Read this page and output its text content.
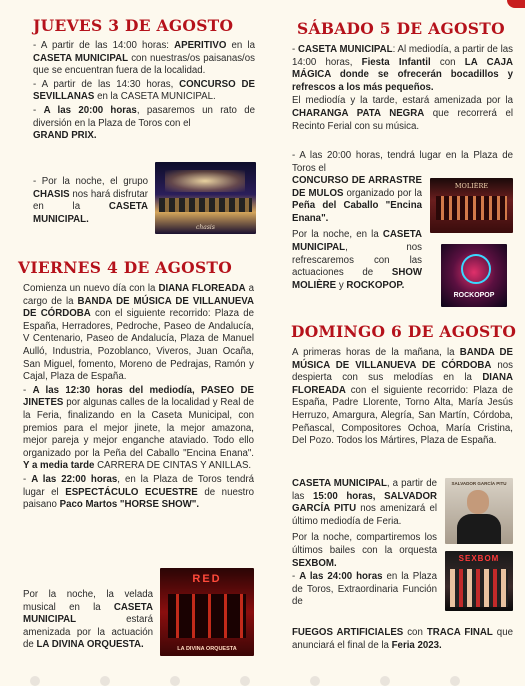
JUEVES 3 DE AGOSTO

- A partir de las 14:00 horas: APERITIVO en la CASETA MUNICIPAL con nuestras/os paisanas/os que se encuentran fuera de la localidad.

- A partir de las 14:30 horas, CONCURSO DE SEVILLANAS en la CASETA MUNICIPAL.

- A las 20:00 horas, pasaremos un rato de diversión en la Plaza de Toros con el
GRAND PRIX.

- Por la noche, el grupo CHASIS nos hará disfrutar en la CASETA MUNICIPAL.

chasis
VIERNES 4 DE AGOSTO

Comienza un nuevo día con la DIANA FLOREADA a cargo de la BANDA DE MÚSICA DE VILLANUEVA DE CÓRDOBA con el siguiente recorrido: Plaza de España, Herradores, Pedroche, Paseo de Andalucía, V Centenario, Paseo de Andalucía, Plaza de Manuel Aulló, Industria, Pozoblanco, Viveros, Juan Ocaña, San Miguel, fomento, Moreno de Pedrajas, Ramón y Cajal, Plaza de España.

- A las 12:30 horas del mediodía, PASEO DE JINETES por algunas calles de la localidad y Real de la Feria, finalizando en la Caseta Municipal, con premios para el mejor jinete, la mejor amazona, mejor pareja y mejor enganche ataviado. Todo ello organizado por la Peña del Caballo "Encina Enana". Y a media tarde CARRERA DE CINTAS Y ANILLAS.

- A las 22:00 horas, en la Plaza de Toros tendrá lugar el ESPECTÁCULO ECUESTRE de nuestro paisano Paco Martos "HORSE SHOW".

Por la noche, la velada musical en la CASETA MUNICIPAL estará amenizada por la actuación de LA DIVINA ORQUESTA.

RED
LA DIVINA ORQUESTA
SÁBADO 5 DE AGOSTO

- CASETA MUNICIPAL: Al mediodía, a partir de las 14:00 horas, Fiesta Infantil con LA CAJA MÁGICA donde se ofrecerán bocadillos y refrescos a los más pequeños.

El mediodía y la tarde, estará amenizada por la CHARANGA PATA NEGRA que recorrerá el Recinto Ferial con su música.

- A las 20:00 horas, tendrá lugar en la Plaza de Toros el

CONCURSO DE ARRASTRE DE MULOS organizado por la Peña del Caballo "Encina Enana".

Por la noche, en la CASETA MUNICIPAL, nos refrescaremos con las actuaciones de SHOW MOLIÈRE y ROCKOPOP.

MOLIÈRE
ROCKOPOP
DOMINGO 6 DE AGOSTO

A primeras horas de la mañana, la BANDA DE MÚSICA DE VILLANUEVA DE CÓRDOBA nos despierta con sus melodías en la DIANA FLOREADA con el siguiente recorrido: Plaza de España, Padre Llorente, Torno Alta, María Jesús Herruzo, Amargura, Alegría, San Martín, Córdoba, Peñascal, Compositores Ochoa, María Cristina, Del Pozo. Todos los Mártires, Plaza de España.

CASETA MUNICIPAL, a partir de las 15:00 horas, SALVADOR GARCÍA PITU nos amenizará el último mediodía de Feria.

Por la noche, compartiremos los últimos bailes con la orquesta SEXBOM.

- A las 24:00 horas en la Plaza de Toros, Extraordinaria Función de

FUEGOS ARTIFICIALES con TRACA FINAL que anunciará el final de la Feria 2023.

SALVADOR GARCÍA PITU
SEXBOM
